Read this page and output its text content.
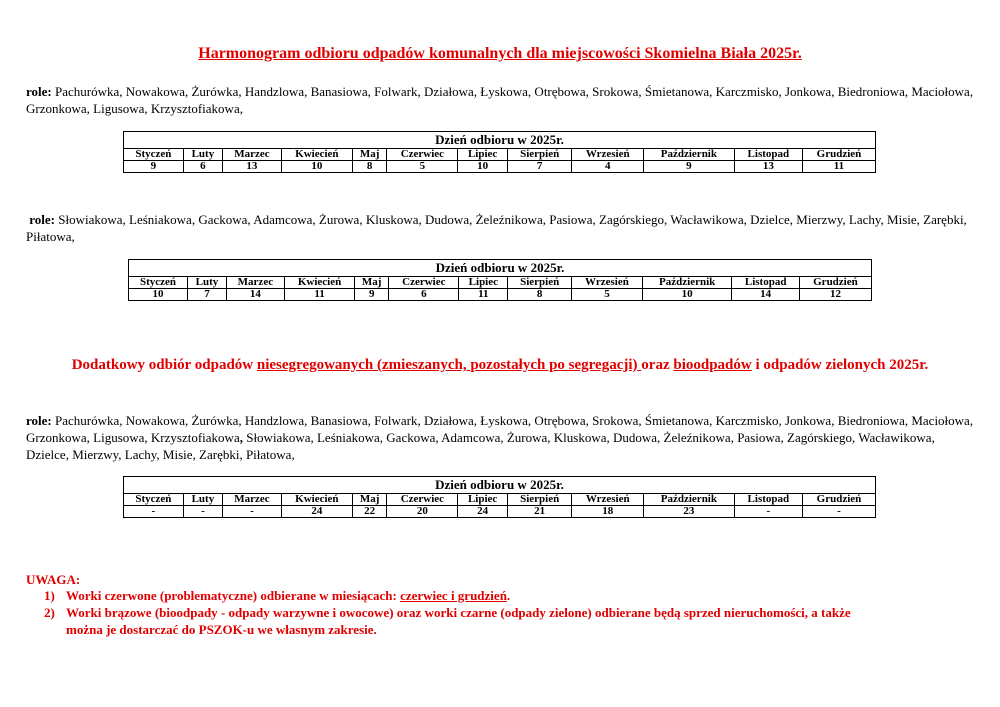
Harmonogram odbioru odpadów komunalnych dla miejscowości Skomielna Biała 2025r.
role: Pachurówka, Nowakowa, Żurówka, Handzlowa, Banasiowa, Folwark, Działowa, Łyskowa, Otrębowa, Srokowa, Śmietanowa, Karczmisko, Jonkowa, Biedroniowa, Maciołowa, Grzonkowa, Ligusowa, Krzysztofiakowa,
Dzień odbioru w 2025r.											
Styczeń	Luty	Marzec	Kwiecień	Maj	Czerwiec	Lipiec	Sierpień	Wrzesień	Październik	Listopad	Grudzień
9	6	13	10	8	5	10	7	4	9	13	11
role: Słowiakowa, Leśniakowa, Gackowa, Adamcowa, Żurowa, Kluskowa, Dudowa, Żeleźnikowa, Pasiowa, Zagórskiego, Wacławikowa, Dzielce, Mierzwy, Lachy, Misie, Zarębki, Piłatowa,
Dzień odbioru w 2025r.											
Styczeń	Luty	Marzec	Kwiecień	Maj	Czerwiec	Lipiec	Sierpień	Wrzesień	Październik	Listopad	Grudzień
10	7	14	11	9	6	11	8	5	10	14	12
Dodatkowy odbiór odpadów niesegregowanych (zmieszanych, pozostałych po segregacji) oraz bioodpadów i odpadów zielonych 2025r.
role: Pachurówka, Nowakowa, Żurówka, Handzlowa, Banasiowa, Folwark, Działowa, Łyskowa, Otrębowa, Srokowa, Śmietanowa, Karczmisko, Jonkowa, Biedroniowa, Maciołowa, Grzonkowa, Ligusowa, Krzysztofiakowa, Słowiakowa, Leśniakowa, Gackowa, Adamcowa, Żurowa, Kluskowa, Dudowa, Żeleźnikowa, Pasiowa, Zagórskiego, Wacławikowa, Dzielce, Mierzwy, Lachy, Misie, Zarębki, Piłatowa,
Dzień odbioru w 2025r.											
Styczeń	Luty	Marzec	Kwiecień	Maj	Czerwiec	Lipiec	Sierpień	Wrzesień	Październik	Listopad	Grudzień
-	-	-	24	22	20	24	21	18	23	-	-
UWAGA:
1) Worki czerwone (problematyczne) odbierane w miesiącach: czerwiec i grudzień.
2) Worki brązowe (bioodpady - odpady warzywne i owocowe) oraz worki czarne (odpady zielone) odbierane będą sprzed nieruchomości, a także
można je dostarczać do PSZOK-u we własnym zakresie.
